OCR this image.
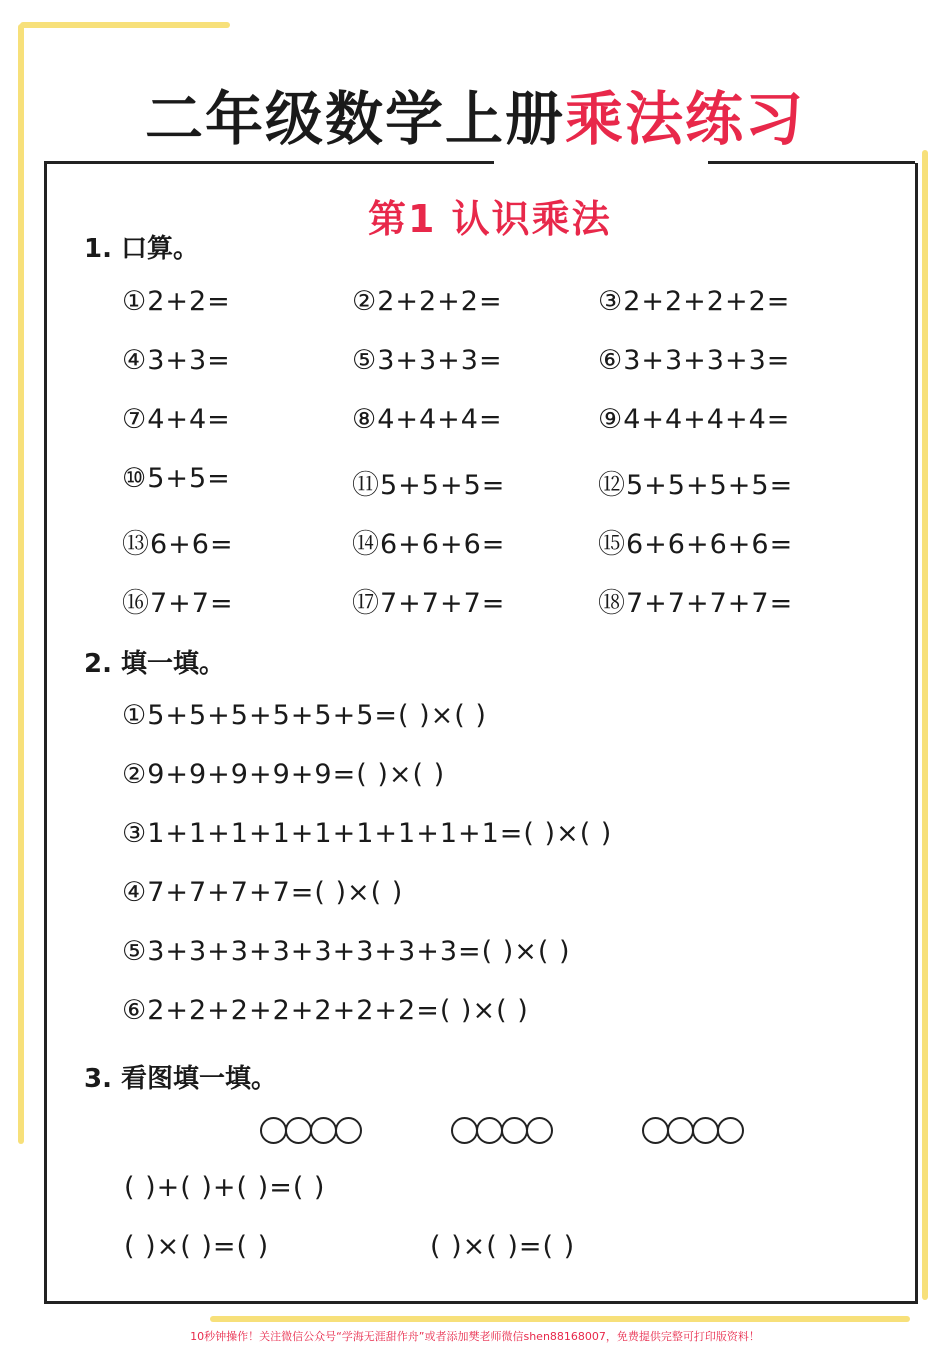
二年级数学上册乘法练习
第1 认识乘法
1. 口算。
①2+2=	②2+2+2=	③2+2+2+2=
④3+3=	⑤3+3+3=	⑥3+3+3+3=
⑦4+4=	⑧4+4+4=	⑨4+4+4+4=
⑩5+5=	⑪5+5+5=	⑫5+5+5+5=
⑬6+6=	⑭6+6+6=	⑮6+6+6+6=
⑯7+7=	⑰7+7+7=	⑱7+7+7+7=
2. 填一填。
①5+5+5+5+5+5=( )×( )
②9+9+9+9+9=( )×( )
③1+1+1+1+1+1+1+1+1=( )×( )
④7+7+7+7=( )×( )
⑤3+3+3+3+3+3+3+3=( )×( )
⑥2+2+2+2+2+2+2=( )×( )
3. 看图填一填。
( )+( )+( )=( )
( )×( )=( )	( )×( )=( )
10秒钟操作！关注微信公众号“学海无涯甜作舟”或者添加樊老师微信shen88168007，免费提供完整可打印版资料！
